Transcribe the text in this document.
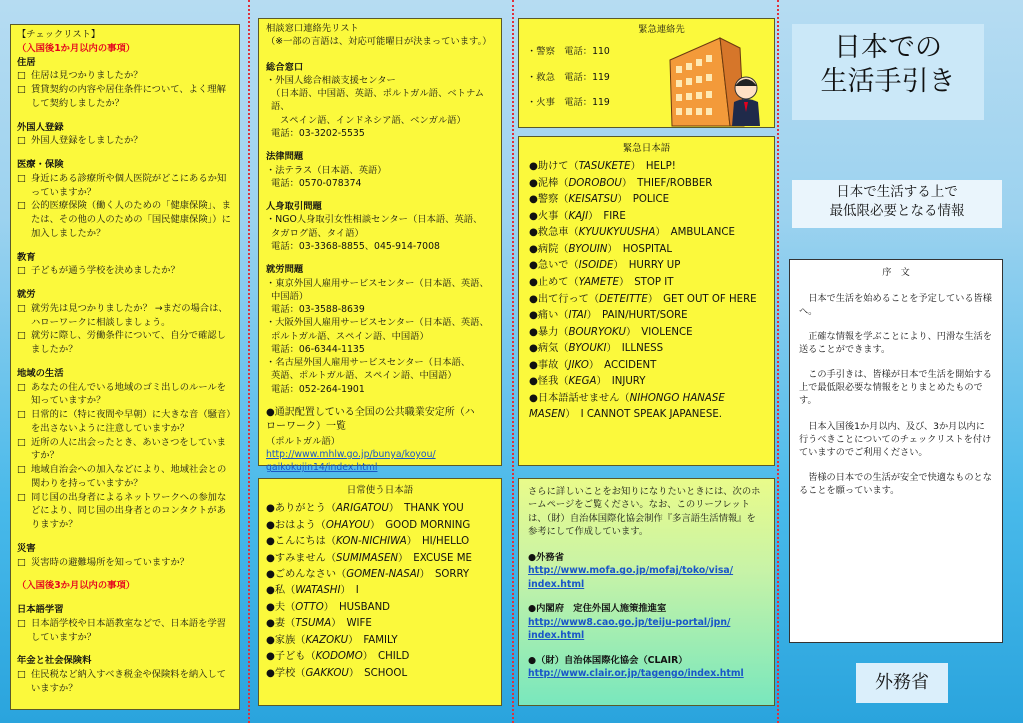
【チェックリスト】
（入国後1か月以内の事項）
住居
□ 住居は見つかりましたか？
□ 賃貸契約の内容や居住条件について、よく理解して契約しましたか？
外国人登録
□ 外国人登録をしましたか？
医療・保険
□ 身近にある診療所や個人医院がどこにあるか知っていますか？
□ 公的医療保険（働く人のための「健康保険」、または、その他の人のための「国民健康保険」）に加入しましたか？
教育
□ 子どもが通う学校を決めましたか？
就労
□ 就労先は見つかりましたか？ →まだの場合は、ハローワークに相談しましょう。
□ 就労に際し、労働条件について、自分で確認しましたか？
地域の生活
□ あなたの住んでいる地域のゴミ出しのルールを知っていますか？
□ 日常的に（特に夜間や早朝）に大きな音（騒音）を出さないように注意していますか？
□ 近所の人に出会ったとき、あいさつをしていますか？
□ 地域自治会への加入などにより、地域社会との関わりを持っていますか？
□ 同じ国の出身者によるネットワークへの参加などにより、同じ国の出身者とのコンタクトがありますか？
災害
□ 災害時の避難場所を知っていますか？
（入国後3か月以内の事項）
日本語学習
□ 日本語学校や日本語教室などで、日本語を学習していますか？
年金と社会保険料
□ 住民税など納入すべき税金や保険料を納入していますか？
相談窓口連絡先リスト
（※一部の言語は、対応可能曜日が決まっています。）
総合窓口
・外国人総合相談支援センター
（日本語、中国語、英語、ポルトガル語、ベトナム語、
スペイン語、インドネシア語、ベンガル語）
電話：03-3202-5535
法律問題
・法テラス（日本語、英語）
電話：0570-078374
人身取引問題
・NGO人身取引女性相談センター（日本語、英語、
タガログ語、タイ語）
電話：03-3368-8855、045-914-7008
就労問題
・東京外国人雇用サービスセンター（日本語、英語、
中国語）
電話：03-3588-8639
・大阪外国人雇用サービスセンター（日本語、英語、
ポルトガル語、スペイン語、中国語）
電話：06-6344-1135
・名古屋外国人雇用サービスセンター（日本語、
英語、ポルトガル語、スペイン語、中国語）
電話：052-264-1901
●通訳配置している全国の公共職業安定所（ハ
ローワーク）一覧
（ポルトガル語）
http://www.mhlw.go.jp/bunya/koyou/
gaikokujin14/index.html
日常使う日本語
●ありがとう（ARIGATOU）　THANK YOU
●おはよう（OHAYOU）　GOOD MORNING
●こんにちは（KON-NICHIWA）　HI/HELLO
●すみません（SUMIMASEN）　EXCUSE ME
●ごめんなさい（GOMEN-NASAI）　SORRY
●私（WATASHI）　I
●夫（OTTO）　HUSBAND
●妻（TSUMA）　WIFE
●家族（KAZOKU）　FAMILY
●子ども（KODOMO）　CHILD
●学校（GAKKOU）　SCHOOL
緊急連絡先
・警察　電話：110
・救急　電話：119
・火事　電話：119
緊急日本語
●助けて（TASUKETE）　HELP!
●泥棒（DOROBOU）　THIEF/ROBBER
●警察（KEISATSU）　POLICE
●火事（KAJI）　FIRE
●救急車（KYUUKYUUSHA）　AMBULANCE
●病院（BYOUIN）　HOSPITAL
●急いで（ISOIDE）　HURRY UP
●止めて（YAMETE）　STOP IT
●出て行って（DETEITTE）　GET OUT OF HERE
●痛い（ITAI）　PAIN/HURT/SORE
●暴力（BOURYOKU）　VIOLENCE
●病気（BYOUKI）　ILLNESS
●事故（JIKO）　ACCIDENT
●怪我（KEGA）　INJURY
●日本語話せません（NIHONGO HANASE MASEN）　I CANNOT SPEAK JAPANESE.
さらに詳しいことをお知りになりたいときには、次のホームページをご覧ください。なお、このリーフレットは、（財）自治体国際化協会制作『多言語生活情報』を参考にして作成しています。
●外務省
http://www.mofa.go.jp/mofaj/toko/visa/
index.html
●内閣府　定住外国人施策推進室
http://www8.cao.go.jp/teiju-portal/jpn/
index.html
●（財）自治体国際化協会（CLAIR）
http://www.clair.or.jp/tagengo/index.html
日本での
生活手引き
日本で生活する上で
最低限必要となる情報
序　文

日本で生活を始めることを予定している皆様へ。

正確な情報を学ぶことにより、円滑な生活を送ることができます。

この手引きは、皆様が日本で生活を開始する上で最低限必要な情報をとりまとめたものです。

日本入国後1か月以内、及び、3か月以内に行うべきことについてのチェックリストを付けていますのでご利用ください。

皆様の日本での生活が安全で快適なものとなることを願っています。

外務省
